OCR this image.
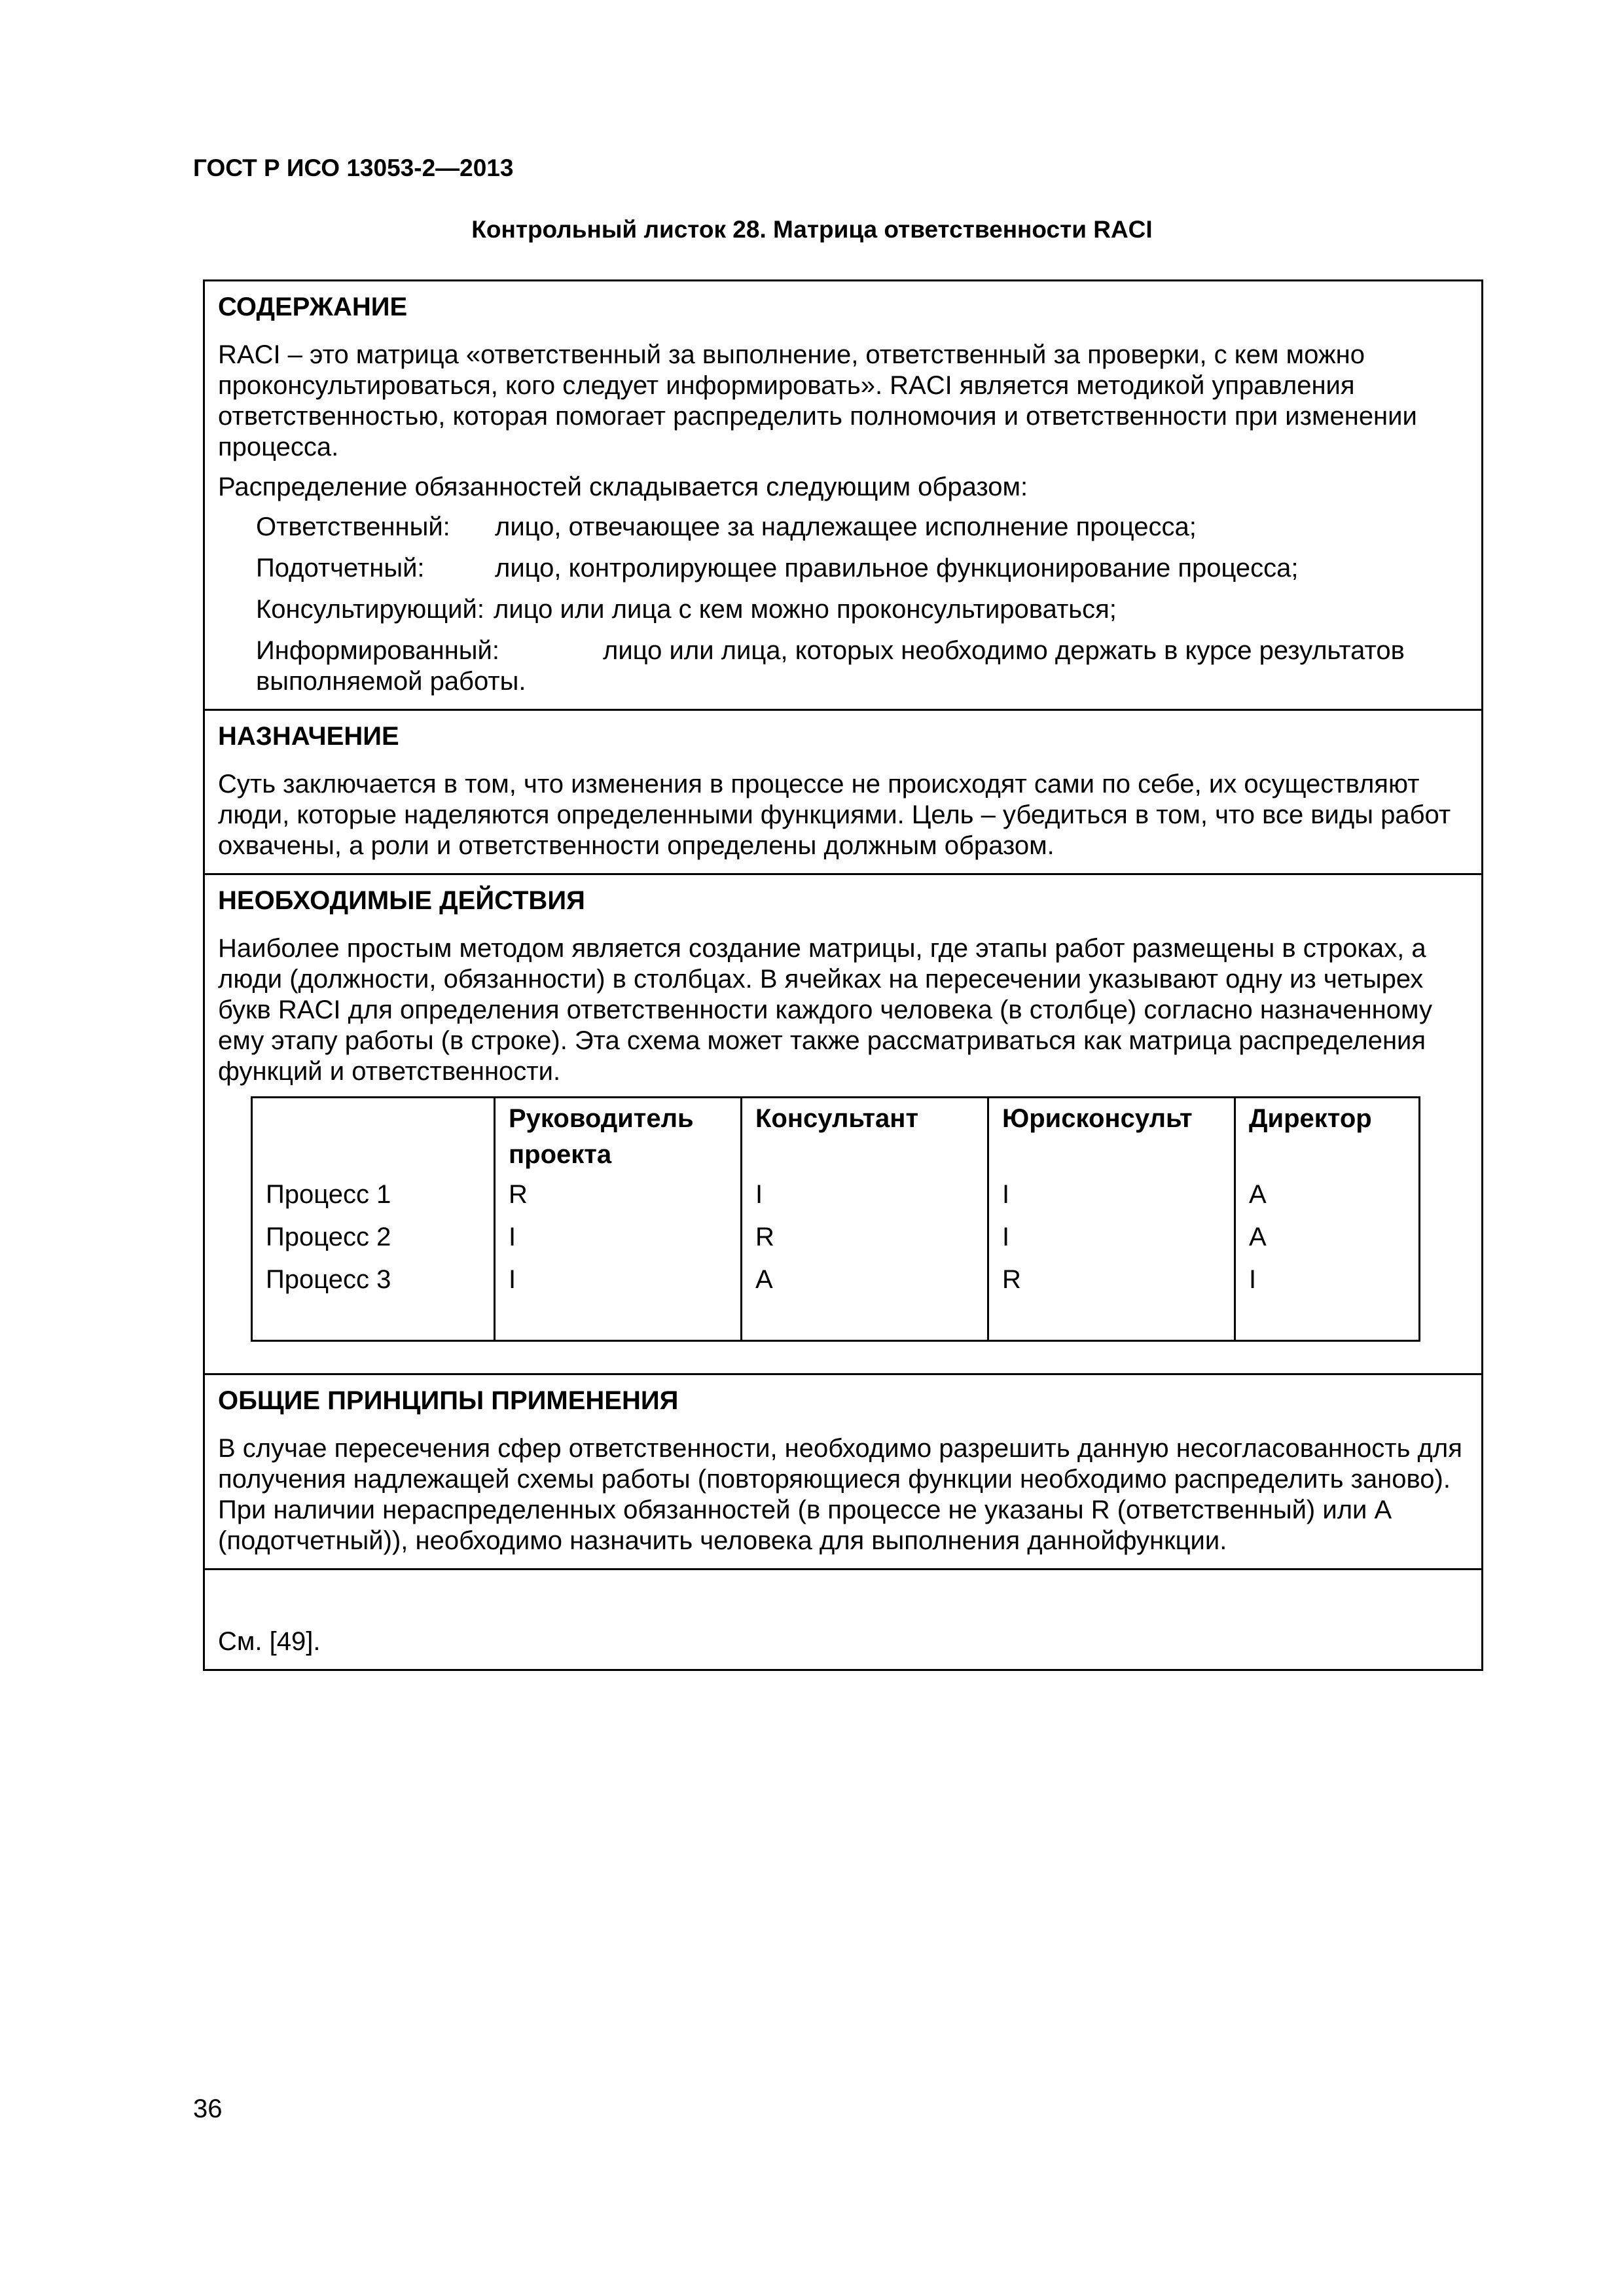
ГОСТ Р ИСО 13053-2—2013
Контрольный листок 28. Матрица ответственности RACI
СОДЕРЖАНИЕ

RACI – это матрица «ответственный за выполнение, ответственный за проверки, с кем можно проконсультироваться, кого следует информировать». RACI является методикой управления ответственностью, которая помогает распределить полномочия и ответственности при изменении процесса.

Распределение обязанностей складывается следующим образом:

Ответственный: лицо, отвечающее за надлежащее исполнение процесса;
Подотчетный:	лицо, контролирующее правильное функционирование процесса;
Консультирующий: лицо или лица с кем можно проконсультироваться;
Информированный:	лицо или лица, которых необходимо держать в курсе результатов выполняемой работы.
НАЗНАЧЕНИЕ

Суть заключается в том, что изменения в процессе не происходят сами по себе, их осуществляют люди, которые наделяются определенными функциями. Цель – убедиться в том, что все виды работ охвачены, а роли и ответственности определены должным образом.

НЕОБХОДИМЫЕ ДЕЙСТВИЯ

Наиболее простым методом является создание матрицы, где этапы работ размещены в строках, а люди (должности, обязанности) в столбцах. В ячейках на пересечении указывают одну из четырех букв RACI для определения ответственности каждого человека (в столбце) согласно назначенному ему этапу работы (в строке). Эта схема может также рассматриваться как матрица распределения функций и ответственности.

	Руководитель проекта	Консультант	Юрисконсульт	Директор
Процесс 1	R	I	I	A
Процесс 2	I	R	I	A
Процесс 3	I	A	R	I
ОБЩИЕ ПРИНЦИПЫ ПРИМЕНЕНИЯ

В случае пересечения сфер ответственности, необходимо разрешить данную несогласованность для получения надлежащей схемы работы (повторяющиеся функции необходимо распределить заново). При наличии нераспределенных обязанностей (в процессе не указаны R (ответственный) или A (подотчетный)), необходимо назначить человека для выполнения даннойфункции.

См. [49].

36
